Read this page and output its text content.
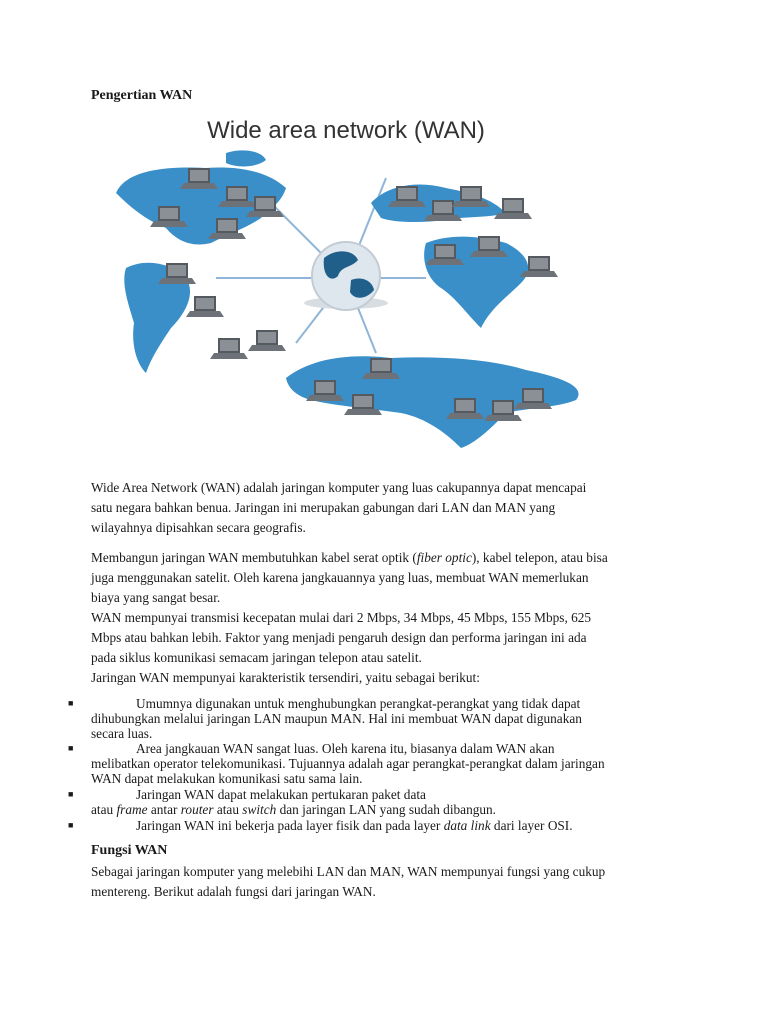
Pengertian WAN
Wide area network (WAN)

Wide Area Network (WAN) adalah jaringan komputer yang luas cakupannya dapat mencapai

satu negara bahkan benua. Jaringan ini merupakan gabungan dari LAN dan MAN yang

wilayahnya dipisahkan secara geografis.

Membangun jaringan WAN membutuhkan kabel serat optik (fiber optic), kabel telepon, atau bisa

juga menggunakan satelit. Oleh karena jangkauannya yang luas, membuat WAN memerlukan

biaya yang sangat besar.

WAN mempunyai transmisi kecepatan mulai dari 2 Mbps, 34 Mbps, 45 Mbps, 155 Mbps, 625

Mbps atau bahkan lebih. Faktor yang menjadi pengaruh design dan performa jaringan ini ada

pada siklus komunikasi semacam jaringan telepon atau satelit.

Jaringan WAN mempunyai karakteristik tersendiri, yaitu sebagai berikut:

■	Umumnya digunakan untuk menghubungkan perangkat-perangkat yang tidak dapat
dihubungkan melalui jaringan LAN maupun MAN. Hal ini membuat WAN dapat digunakan
secara luas.
■	Area jangkauan WAN sangat luas. Oleh karena itu, biasanya dalam WAN akan
melibatkan operator telekomunikasi. Tujuannya adalah agar perangkat-perangkat dalam jaringan
WAN dapat melakukan komunikasi satu sama lain.
■	Jaringan WAN dapat melakukan pertukaran paket data
atau frame antar router atau switch dan jaringan LAN yang sudah dibangun.
■	Jaringan WAN ini bekerja pada layer fisik dan pada layer data link dari layer OSI.
Fungsi WAN

Sebagai jaringan komputer yang melebihi LAN dan MAN, WAN mempunyai fungsi yang cukup

mentereng. Berikut adalah fungsi dari jaringan WAN.
